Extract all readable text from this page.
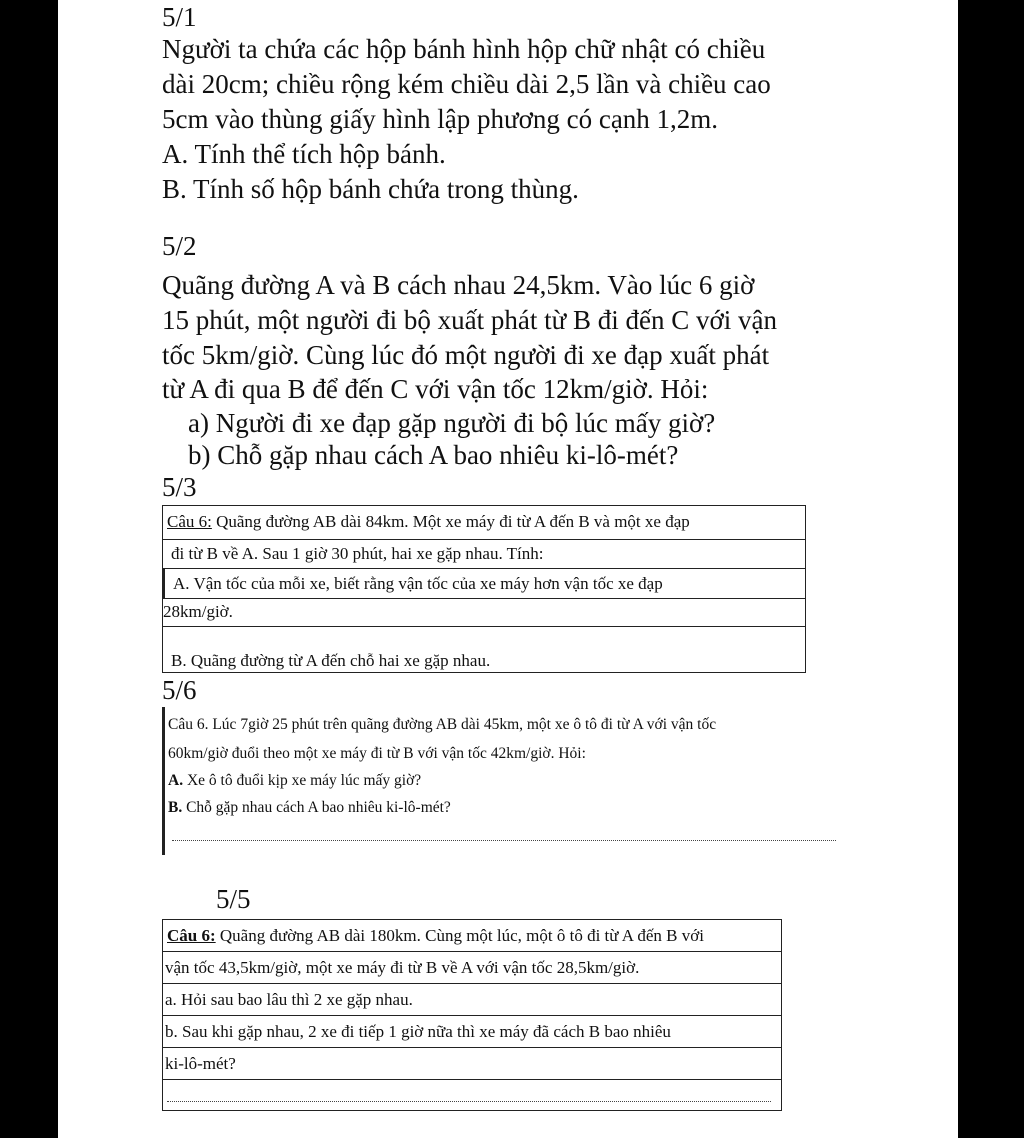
5/1
Người ta chứa các hộp bánh hình hộp chữ nhật có chiều
dài 20cm; chiều rộng kém chiều dài 2,5 lần và chiều cao
5cm vào thùng giấy hình lập phương có cạnh 1,2m.
A. Tính thể tích hộp bánh.
B. Tính số hộp bánh chứa trong thùng.
5/2
Quãng đường A và B cách nhau 24,5km. Vào lúc 6 giờ
15 phút, một người đi bộ xuất phát từ B đi đến C với vận
tốc 5km/giờ. Cùng lúc đó một người đi xe đạp xuất phát
từ A đi qua B để đến C với vận tốc 12km/giờ. Hỏi:
a) Người đi xe đạp gặp người đi bộ lúc mấy giờ?
b) Chỗ gặp nhau cách A bao nhiêu ki-lô-mét?
5/3
Câu 6: Quãng đường AB dài 84km. Một xe máy đi từ A đến B và một xe đạp
đi từ B về A. Sau 1 giờ 30 phút, hai xe gặp nhau. Tính:
A. Vận tốc của mỗi xe, biết rằng vận tốc của xe máy hơn vận tốc xe đạp
28km/giờ.
B. Quãng đường từ A đến chỗ hai xe gặp nhau.
5/6
Câu 6. Lúc 7giờ 25 phút trên quãng đường AB dài 45km, một xe ô tô đi từ A với vận tốc
60km/giờ đuổi theo một xe máy đi từ B với vận tốc 42km/giờ. Hỏi:
A. Xe ô tô đuổi kịp xe máy lúc mấy giờ?
B. Chỗ gặp nhau cách A bao nhiêu ki-lô-mét?
5/5
Câu 6: Quãng đường AB dài 180km. Cùng một lúc, một ô tô đi từ A đến B với
vận tốc 43,5km/giờ, một xe máy đi từ B về A với vận tốc 28,5km/giờ.
a. Hỏi sau bao lâu thì 2 xe gặp nhau.
b. Sau khi gặp nhau, 2 xe đi tiếp 1 giờ nữa thì xe máy đã cách B bao nhiêu
ki-lô-mét?
